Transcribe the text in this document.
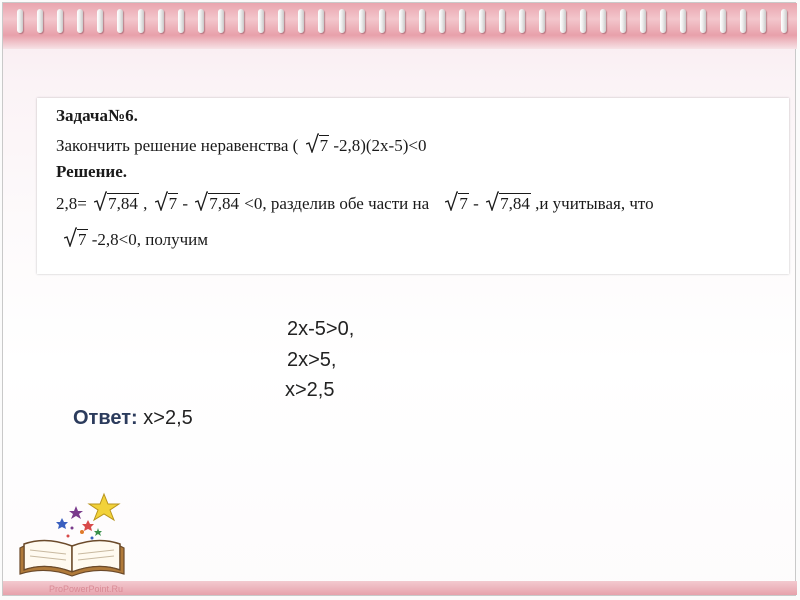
ProPowerPoint.Ru
Задача№6.
Закончить решение неравенства ( 7 -2,8)(2x-5)<0
Решение.
2,8= 7,84 , 7 - 7,84 <0, разделив обе части на 7 - 7,84 ,и учитывая, что
7 -2,8<0, получим
2x-5>0,
2x>5,
x>2,5
Ответ: x>2,5
